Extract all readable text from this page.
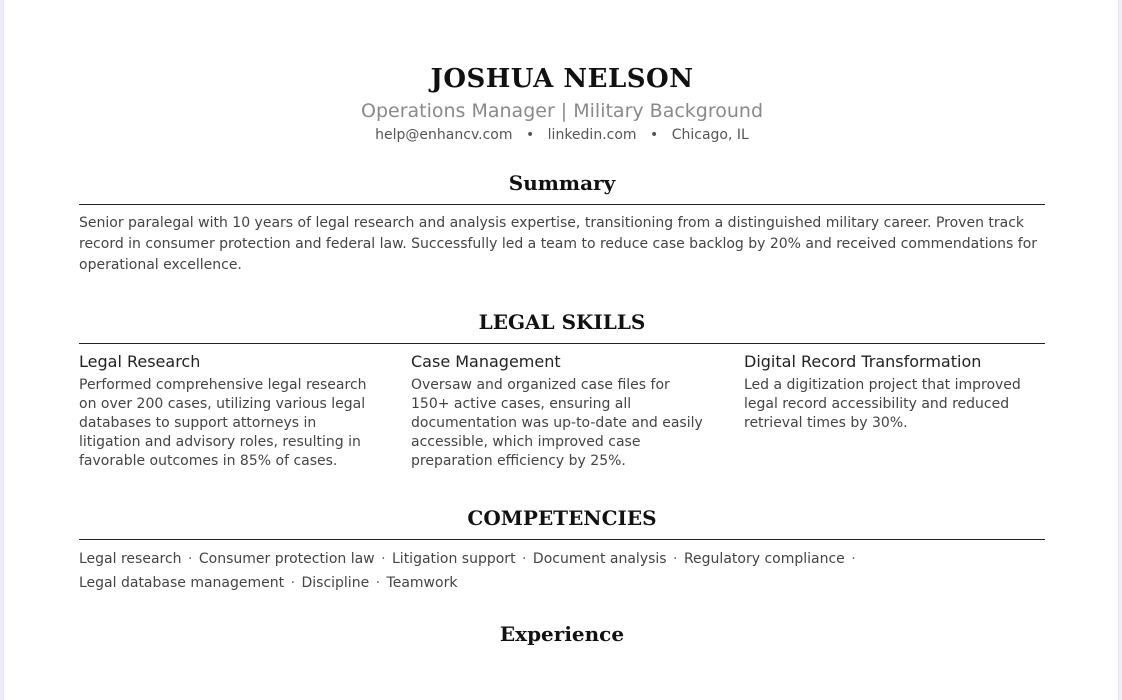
JOSHUA NELSON
Operations Manager | Military Background
help@enhancv.com • linkedin.com • Chicago, IL
Summary
Senior paralegal with 10 years of legal research and analysis expertise, transitioning from a distinguished military career. Proven track record in consumer protection and federal law. Successfully led a team to reduce case backlog by 20% and received commendations for operational excellence.
LEGAL SKILLS
Legal Research
Performed comprehensive legal research on over 200 cases, utilizing various legal databases to support attorneys in litigation and advisory roles, resulting in favorable outcomes in 85% of cases.
Case Management
Oversaw and organized case files for 150+ active cases, ensuring all documentation was up-to-date and easily accessible, which improved case preparation efficiency by 25%.
Digital Record Transformation
Led a digitization project that improved legal record accessibility and reduced retrieval times by 30%.
COMPETENCIES
Legal research · Consumer protection law · Litigation support · Document analysis · Regulatory compliance · Legal database management · Discipline · Teamwork
Experience
